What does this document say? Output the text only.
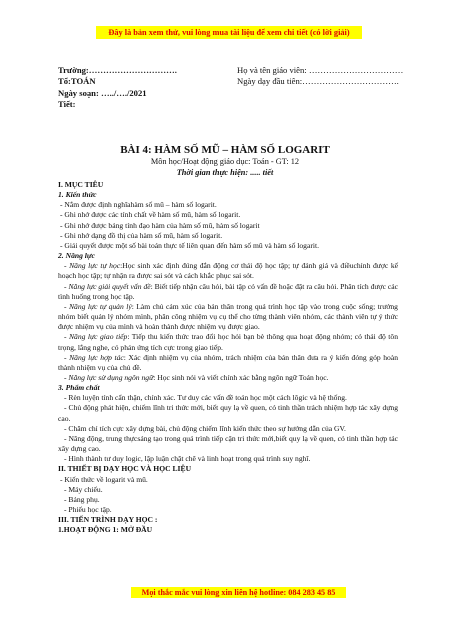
Đây là bản xem thử, vui lòng mua tài liệu để xem chi tiết (có lời giải)
Trường:………………………….
Tổ:TOÁN
Ngày soạn: …../…./2021
Tiết:
Họ và tên giáo viên: ……………………………
Ngày dạy đầu tiên:…………………………….
BÀI 4: HÀM SỐ MŨ – HÀM SỐ LOGARIT
Môn học/Hoạt động giáo dục: Toán - GT: 12
Thời gian thực hiện: ..... tiết

I. MỤC TIÊU

1. Kiến thức

- Nắm được định nghĩahàm số mũ – hàm số logarit.

- Ghi nhớ được các tính chất về hàm số mũ, hàm số logarit.

- Ghi nhớ được bảng tính đạo hàm của hàm số mũ, hàm số logarit

- Ghi nhớ dạng đồ thị của hàm số mũ, hàm số logarit.

- Giải quyết được một số bài toán thực tế liên quan đến hàm số mũ và hàm số logarit.

2. Năng lực

- Năng lực tự học:Học sinh xác định đúng đắn động cơ thái độ học tập; tự đánh giá và điềuchỉnh được kế hoạch học tập; tự nhận ra được sai sót và cách khắc phục sai sót.

- Năng lực giải quyết vấn đề: Biết tiếp nhận câu hỏi, bài tập có vấn đề hoặc đặt ra câu hỏi. Phân tích được các tình huống trong học tập.

- Năng lực tự quản lý: Làm chủ cảm xúc của bản thân trong quá trình học tập vào trong cuộc sống; trưởng nhóm biết quản lý nhóm mình, phân công nhiệm vụ cụ thể cho từng thành viên nhóm, các thành viên tự ý thức được nhiệm vụ của mình và hoàn thành được nhiệm vụ được giao.

- Năng lực giao tiếp: Tiếp thu kiến thức trao đổi học hỏi bạn bè thông qua hoạt động nhóm; có thái độ tôn trọng, lắng nghe, có phản ứng tích cực trong giao tiếp.

- Năng lực hợp tác: Xác định nhiệm vụ của nhóm, trách nhiệm của bản thân đưa ra ý kiến đóng góp hoàn thành nhiệm vụ của chủ đề.

- Năng lực sử dụng ngôn ngữ: Học sinh nói và viết chính xác bằng ngôn ngữ Toán học.

3. Phẩm chất

- Rèn luyện tính cẩn thận, chính xác. Tư duy các vấn đề toán học một cách lôgic và hệ thống.

- Chủ động phát hiện, chiếm lĩnh tri thức mới, biết quy lạ về quen, có tinh thần trách nhiệm hợp tác xây dựng cao.

- Chăm chỉ tích cực xây dựng bài, chủ động chiếm lĩnh kiến thức theo sự hướng dẫn của GV.

- Năng động, trung thựcsáng tạo trong quá trình tiếp cận tri thức mới,biết quy lạ về quen, có tinh thần hợp tác xây dựng cao.

- Hình thành tư duy logic, lập luận chặt chẽ và linh hoạt trong quá trình suy nghĩ.

II. THIẾT BỊ DẠY HỌC VÀ HỌC LIỆU

- Kiến thức về logarit và mũ.

- Máy chiếu.

- Bảng phụ.

- Phiếu học tập.

III. TIẾN TRÌNH DẠY HỌC :

1.HOẠT ĐỘNG 1: MỞ ĐẦU

Mọi thắc mắc vui lòng xin liên hệ hotline: 084 283 45 85
